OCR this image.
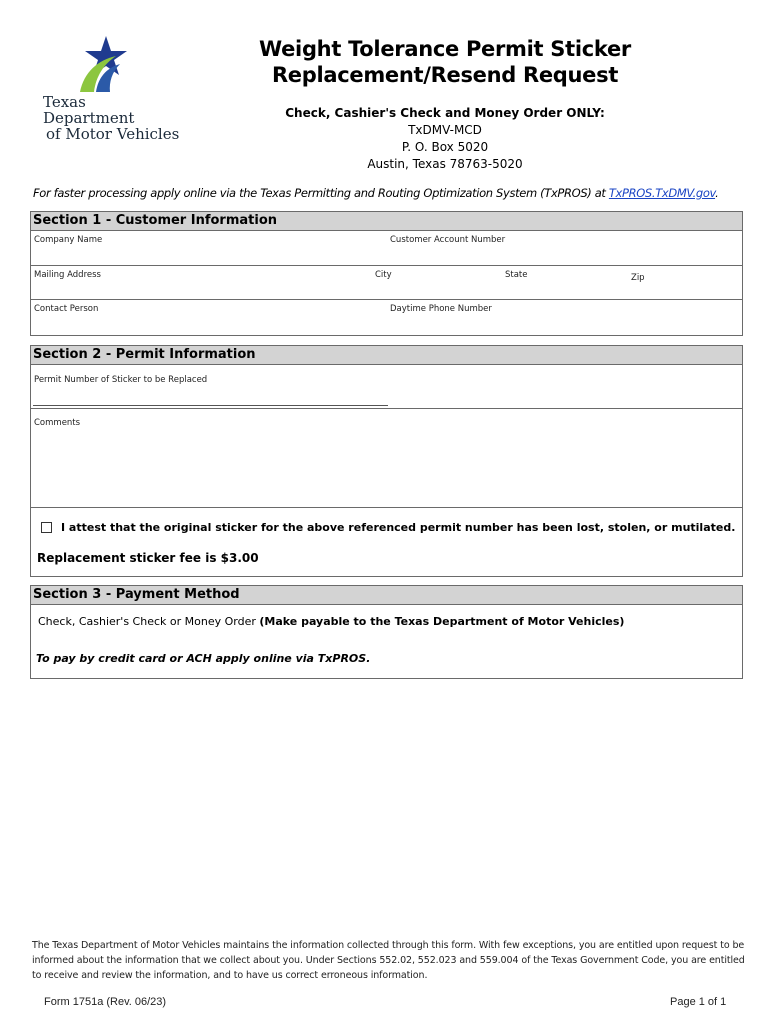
Texas Department
of Motor Vehicles
Weight Tolerance Permit Sticker
Replacement/Resend Request
Check, Cashier's Check and Money Order ONLY:
TxDMV-MCD
P. O. Box 5020
Austin, Texas 78763-5020
For faster processing apply online via the Texas Permitting and Routing Optimization System (TxPROS) at TxPROS.TxDMV.gov.
Section 1 - Customer Information
Company Name	Customer Account Number
Mailing Address	City	State	Zip
Contact Person	Daytime Phone Number
Section 2 - Permit Information
Permit Number of Sticker to be Replaced
Comments
I attest that the original sticker for the above referenced permit number has been lost, stolen, or mutilated.
Replacement sticker fee is $3.00
Section 3 - Payment Method
Check, Cashier's Check or Money Order (Make payable to the Texas Department of Motor Vehicles)
To pay by credit card or ACH apply online via TxPROS.
The Texas Department of Motor Vehicles maintains the information collected through this form. With few exceptions, you are entitled upon request to be informed about the information that we collect about you. Under Sections 552.02, 552.023 and 559.004 of the Texas Government Code, you are entitled to receive and review the information, and to have us correct erroneous information.
Form 1751a (Rev. 06/23)	Page 1 of 1
